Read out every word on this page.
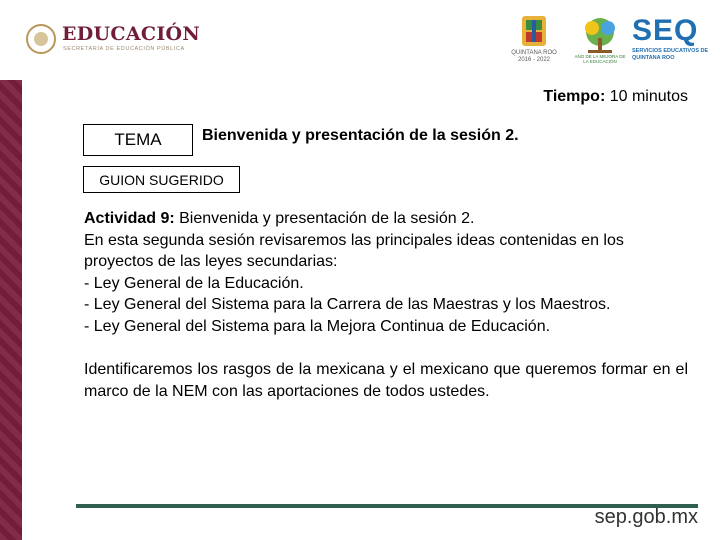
EDUCACIÓN
SECRETARÍA DE EDUCACIÓN PÚBLICA
QUINTANA ROO
2016 - 2022
AÑO DE LA MEJORA DE LA EDUCACIÓN
SEQ
SERVICIOS EDUCATIVOS DE QUINTANA ROO
Tiempo: 10 minutos
TEMA	Bienvenida y presentación de la sesión 2.
GUION SUGERIDO

Actividad 9: Bienvenida y presentación de la sesión 2.

En esta segunda sesión revisaremos las principales ideas contenidas en los proyectos de las leyes secundarias:

- Ley General de la Educación.

- Ley General del Sistema para la Carrera de las Maestras y los Maestros.

- Ley General del Sistema para la Mejora Continua de Educación.

Identificaremos los rasgos de la mexicana y el mexicano que queremos formar en el marco de la NEM con las aportaciones de todos ustedes.

sep.gob.mx
